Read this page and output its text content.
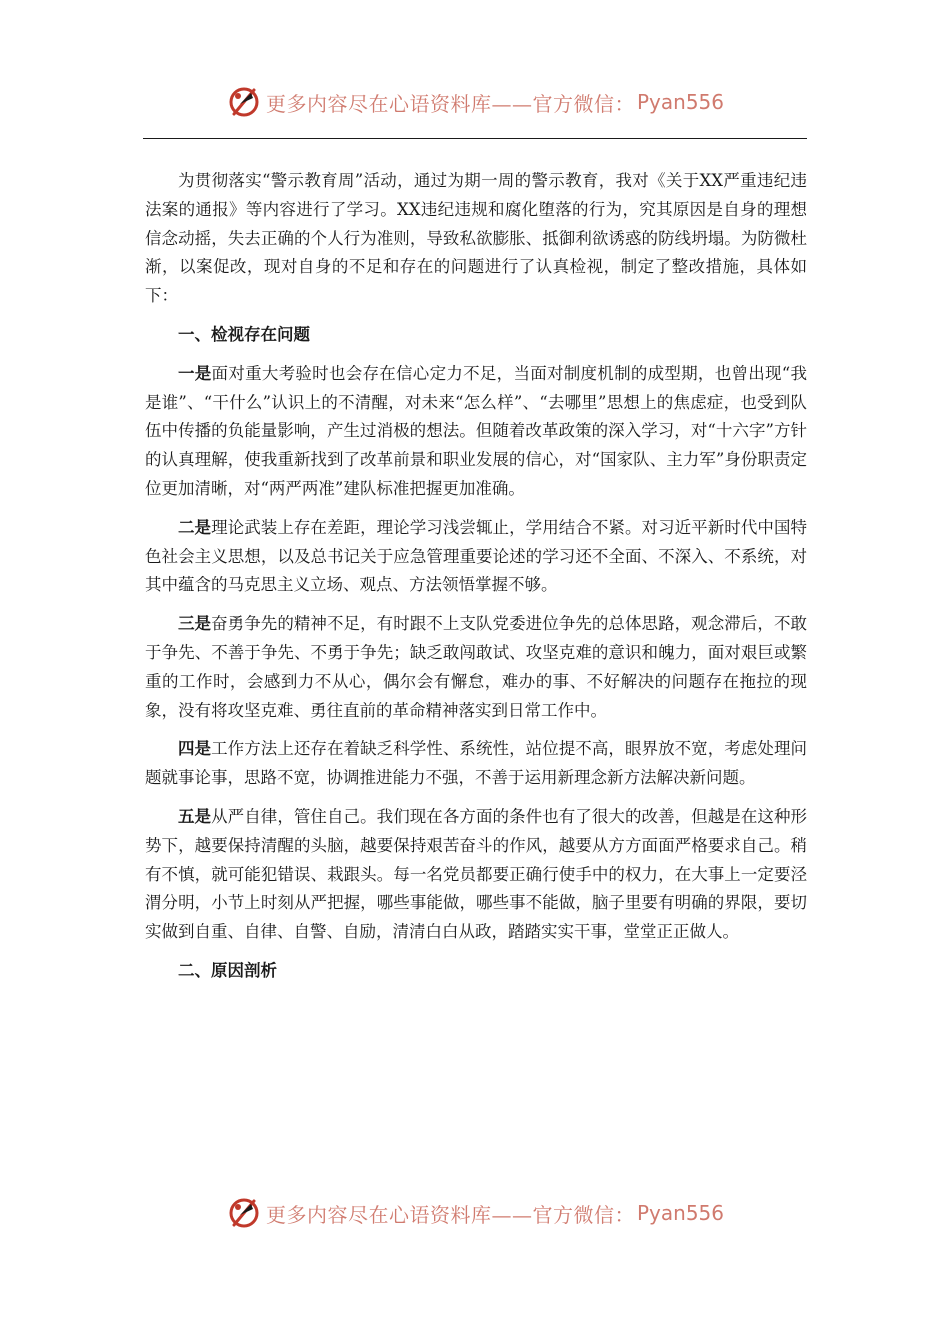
更多内容尽在心语资料库——官方微信： Pyan556

为贯彻落实“警示教育周”活动，通过为期一周的警示教育，我对《关于XX严重违纪违法案的通报》等内容进行了学习。XX违纪违规和腐化堕落的行为，究其原因是自身的理想信念动摇，失去正确的个人行为准则，导致私欲膨胀、抵御利欲诱惑的防线坍塌。为防微杜渐，以案促改，现对自身的不足和存在的问题进行了认真检视，制定了整改措施，具体如下：

一、检视存在问题

一是面对重大考验时也会存在信心定力不足，当面对制度机制的成型期，也曾出现“我是谁”、“干什么”认识上的不清醒，对未来“怎么样”、“去哪里”思想上的焦虑症，也受到队伍中传播的负能量影响，产生过消极的想法。但随着改革政策的深入学习，对“十六字”方针的认真理解，使我重新找到了改革前景和职业发展的信心，对“国家队、主力军”身份职责定位更加清晰，对“两严两准”建队标准把握更加准确。

二是理论武装上存在差距，理论学习浅尝辄止，学用结合不紧。对习近平新时代中国特色社会主义思想，以及总书记关于应急管理重要论述的学习还不全面、不深入、不系统，对其中蕴含的马克思主义立场、观点、方法领悟掌握不够。

三是奋勇争先的精神不足，有时跟不上支队党委进位争先的总体思路，观念滞后，不敢于争先、不善于争先、不勇于争先；缺乏敢闯敢试、攻坚克难的意识和魄力，面对艰巨或繁重的工作时，会感到力不从心，偶尔会有懈怠，难办的事、不好解决的问题存在拖拉的现象，没有将攻坚克难、勇往直前的革命精神落实到日常工作中。

四是工作方法上还存在着缺乏科学性、系统性，站位提不高，眼界放不宽，考虑处理问题就事论事，思路不宽，协调推进能力不强，不善于运用新理念新方法解决新问题。

五是从严自律，管住自己。我们现在各方面的条件也有了很大的改善，但越是在这种形势下，越要保持清醒的头脑，越要保持艰苦奋斗的作风，越要从方方面面严格要求自己。稍有不慎，就可能犯错误、栽跟头。每一名党员都要正确行使手中的权力，在大事上一定要泾渭分明，小节上时刻从严把握，哪些事能做，哪些事不能做，脑子里要有明确的界限，要切实做到自重、自律、自警、自励，清清白白从政，踏踏实实干事，堂堂正正做人。

二、原因剖析

更多内容尽在心语资料库——官方微信： Pyan556
